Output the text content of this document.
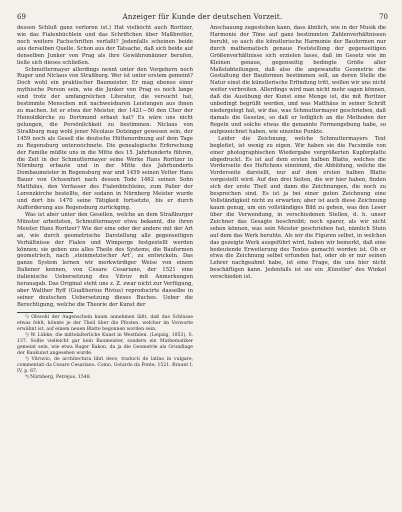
69	Anzeiger für Kunde der deutschen Vorzeit.	70

dessen Schluß ganz verloren ist.) Hat vielleicht auch Roritzer, wie das Fialenbüchlein und das Schriftchen über Maßbretter, noch weitere Fachschriften verfaßt? Jedenfalls scheinen beide aus derselben Quelle. Schon aus der Tatsache, daß sich beide auf denselben Junker von Prag als ihre Gewährsmänner berufen, ließe sich dieses schließen.

Schmuttermayer allerdings nennt unter den Vorgehern noch Ruger und Niclaus von Straßburg. Wer ist unter erstem gemeint? Doch wohl ein praktischer Baumeister. Er mag ebenso einer mythische Person sein, wie die Junker von Prag es noch lange sind trotz der umfangreichen Literatur, die versucht hat, bestimmte Menschen mit nachweisbaren Leistungen aus ihnen zu machen. Ist er etwa der Meister, der 1421—50 den Chor der Heinoldkirche zu Dortmund erbaut hat? Es wäre uns nicht gelungen, die Persönlichkeit zu bestimmen. Niclaus von Straßburg mag wohl jener Nicolaus Dotzinger gewesen sein, der 1459 noch als Gesell die deutsche Hüttenordnung auf dem Tage zu Regensburg unterzeichnete. Die genealogische Erforschung der Familie müßte uns in die Mitte des 15. Jahrhunderts führen, die Zeit in der Schmuttermayer seine Werke Hans Roritzer in Nürnberg erbaute und in der Mitte des Jahrhunderts Dombaumeister in Regensburg war und 1459 seinen Vetter Hans Bauer von Ochsenfurt nach dessen Tode 1462 seinen Sohn Matthäus, den Verfasser des Fialenbüchleins, zum Palier der Lorenzkirche bestellte, der sodann in Nürnberg Meister wurde und dort bis 1470 seine Tätigkeit fortsetzte, bis er durch Aufforderung aus Regensburg zurückging.

Was ist aber unter den Gesellen, welche an dem Straßburger Münster arbeiteten, Schmuttermayer etwa bekannt, die ihren Meister Hans Roritzer? Wie der eine oder der andere mit der Art an, wie durch geometrische Darstellung alle gegenseitigen Verhältnisse der Fialen und Wimperge festgestellt werden können; sie geben uns alles Theile des Systems, die Bauformen geometrisch, nach ‚steinmetzischer Art‘, zu entwickeln. Das ganze System lernen wir merkwürdiger Weise von einem Italiener kennen, von Cesare Cesariano, der 1521 eine italienische Uebersetzung des Vitruv mit Anmerkungen herausgab. Das Original steht uns z. Z. zwar nicht zur Verfügung, aber Walther Ryff (Gualtherius Rivius) reproducirte dasselbe in seiner deutschen Uebersetzung dieses Buches. Ueber die Berechtigung, welche die Theorie der Kunst der

¹) Obwohl der Augenschein kaum annehmen läßt, daß das Schlusse etwas fehlt, könnte je der Theil über die Pfosten, welcher im Vorworte erwähnt ist, auf einem neuen Blatte begonnen worden sein.

²) W. Lübke, die mittelalterliche Kunst in Westfalen. (Leipzig, 1853), S. 137. Sollte vielleicht gar kein Baumeister, sondern ein Mathematiker gemeint sein, wie etwa Ruger Bakon, da ja die Geometrie als Grundlage der Baukunst angesehen wurde.

³) Vitruvio, de architectura libri dece, traducti de latino in vulgare, commentati da Cesare Cesariano. Como, Gotardo da Ponte, 1521. Braunt I, IV, p. 67.

⁴) Nürnberg, Petrejus, 1548.

Anschauung zugestehen kann, dass ähnlich, wie in der Musik die Harmonie der Töne auf ganz bestimmten Zahlenverhältnissen beruht, so auch die künstlerische Harmonie der Bauformen nur durch mathematisch genaue Feststellung der gegenseitigen Größenverhältnisse sich erzielen lasse, daß im Gesetz wie im Kleinen genaue, gegenseitig bedingte Größe aller Maßstabteilungen, daß also die angewandte Geometrie die Gestaltung der Bauformen bestimmen soll, an deren Stelle die Natur einst die künstlerische Erfindung tritt, wollen wir uns nicht weiter verbreiten. Allerdings wird man nicht mehr sagen können, daß die Ausübung der Kunst eine Menge ist, die mit Roritzer unbedingt begrüßt werden, und was Matthäus in seiner Schrift niedergelegt hat, wir das, was Schmuttermayer geschrieben, daß damals die Gesetze, so daß er lediglich an die Methoden der Regeln und solche etwas die genannte Formengebung habe, so aufgezeichnet haben, wie einzelne Punkte.

Leider die Zeichnung, welche Schmuttermayers Text begleitet, ist wenig zu eigen. Wir haben sie die Facsimile von einer photographischen Wiedergabe vergrößerten Kupferplatte abgedruckt. Es ist auf dem ersten halben Blatte, welches die Vorderseite des Heftchens einnimmt, die Abbildung, welche die Vorderseite darstellt, nur auf dem ersten halben Blatte vorgestellt wird. Auf den drei Seiten, die wir hier haben, finden sich der erste Theil und dann die Zeichnungen, die noch zu besprechen sind. Es ist ja bei einer guten Zeichnung eine Vollständigkeit nicht zu erwarten; aber ist auch diese Zeichnung kaum genug, um ein vollständiges Bild zu geben, was den Leser über die Verwendung, in verschiedenen Stellen, d. h. unser Zeichner das Gesagte beschreibt; noch sparer, als wir nicht sehen können, was sein Meister geschrieben hat, nämlich Stein auf dem das Werk beruhte. Als wir die Figuren selbst, in welchen das gezeigte Werk ausgeführt wird, haben wir bemerkt, daß eine bedeutende Erweiterung des Textes gemacht worden ist. Ob er etwa die Zeichnung selbst erfunden hat, oder ob er nur seinen Lehrer nachgeahmt habe, ist eine Frage, die uns hier nicht beschäftigen kann. Jedenfalls ist sie ein ‚Künstler‘ des Winkel verschieden ist.
